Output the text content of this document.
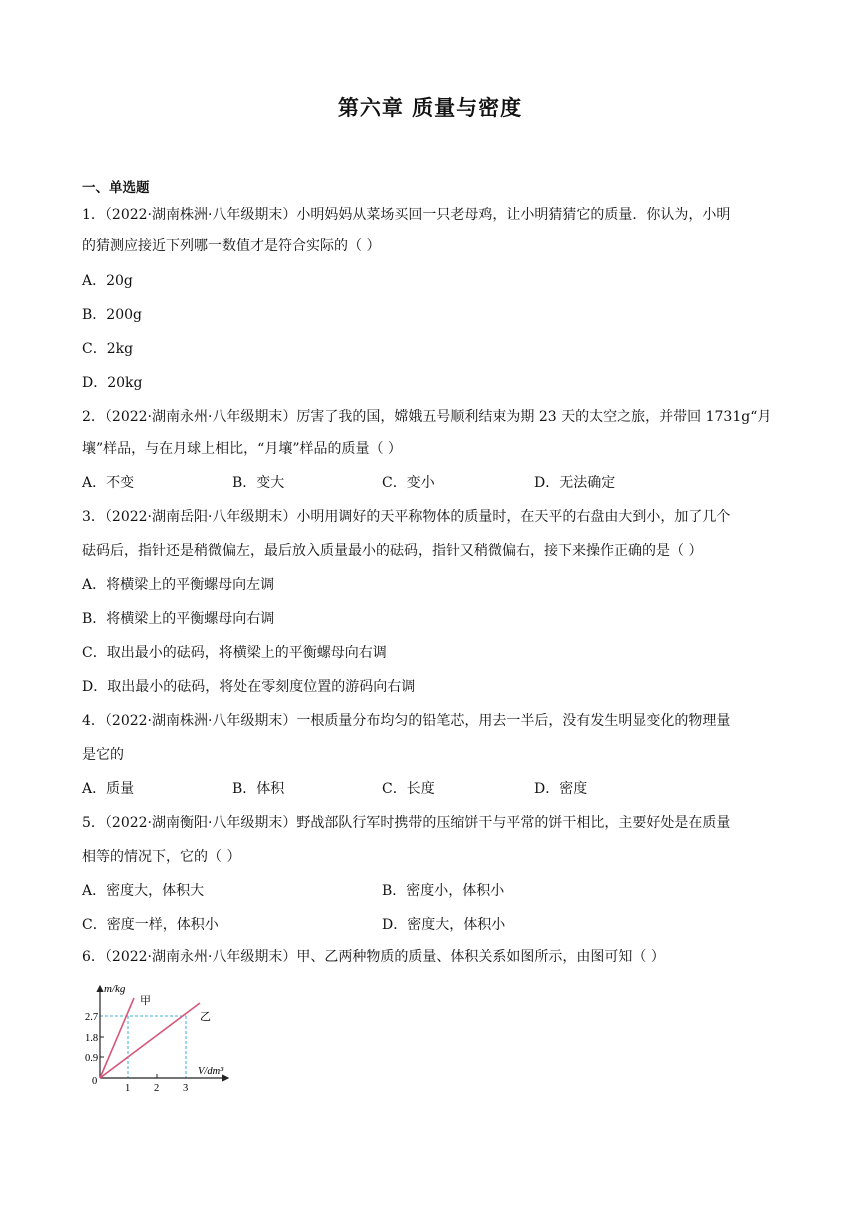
第六章 质量与密度
一、单选题
1．（2022·湖南株洲·八年级期末）小明妈妈从菜场买回一只老母鸡，让小明猜猜它的质量．你认为，小明
的猜测应接近下列哪一数值才是符合实际的（ ）
A．20g
B．200g
C．2kg
D．20kg
2．（2022·湖南永州·八年级期末）厉害了我的国，嫦娥五号顺利结束为期 23 天的太空之旅，并带回 1731g“月
壤”样品，与在月球上相比，“月壤”样品的质量（ ）
A．不变	B．变大	C．变小	D．无法确定
3．（2022·湖南岳阳·八年级期末）小明用调好的天平称物体的质量时，在天平的右盘由大到小，加了几个
砝码后，指针还是稍微偏左，最后放入质量最小的砝码，指针又稍微偏右，接下来操作正确的是（ ）
A．将横梁上的平衡螺母向左调
B．将横梁上的平衡螺母向右调
C．取出最小的砝码，将横梁上的平衡螺母向右调
D．取出最小的砝码，将处在零刻度位置的游码向右调
4．（2022·湖南株洲·八年级期末）一根质量分布均匀的铅笔芯，用去一半后，没有发生明显变化的物理量
是它的
A．质量	B．体积	C．长度	D．密度
5．（2022·湖南衡阳·八年级期末）野战部队行军时携带的压缩饼干与平常的饼干相比，主要好处是在质量
相等的情况下，它的（ ）
A．密度大，体积大	B．密度小，体积小
C．密度一样，体积小	D．密度大，体积小
6．（2022·湖南永州·八年级期末）甲、乙两种物质的质量、体积关系如图所示，由图可知（ ）
m/kg
甲
乙
2.7
1.8
0.9
0
1 2 3
V/dm³
